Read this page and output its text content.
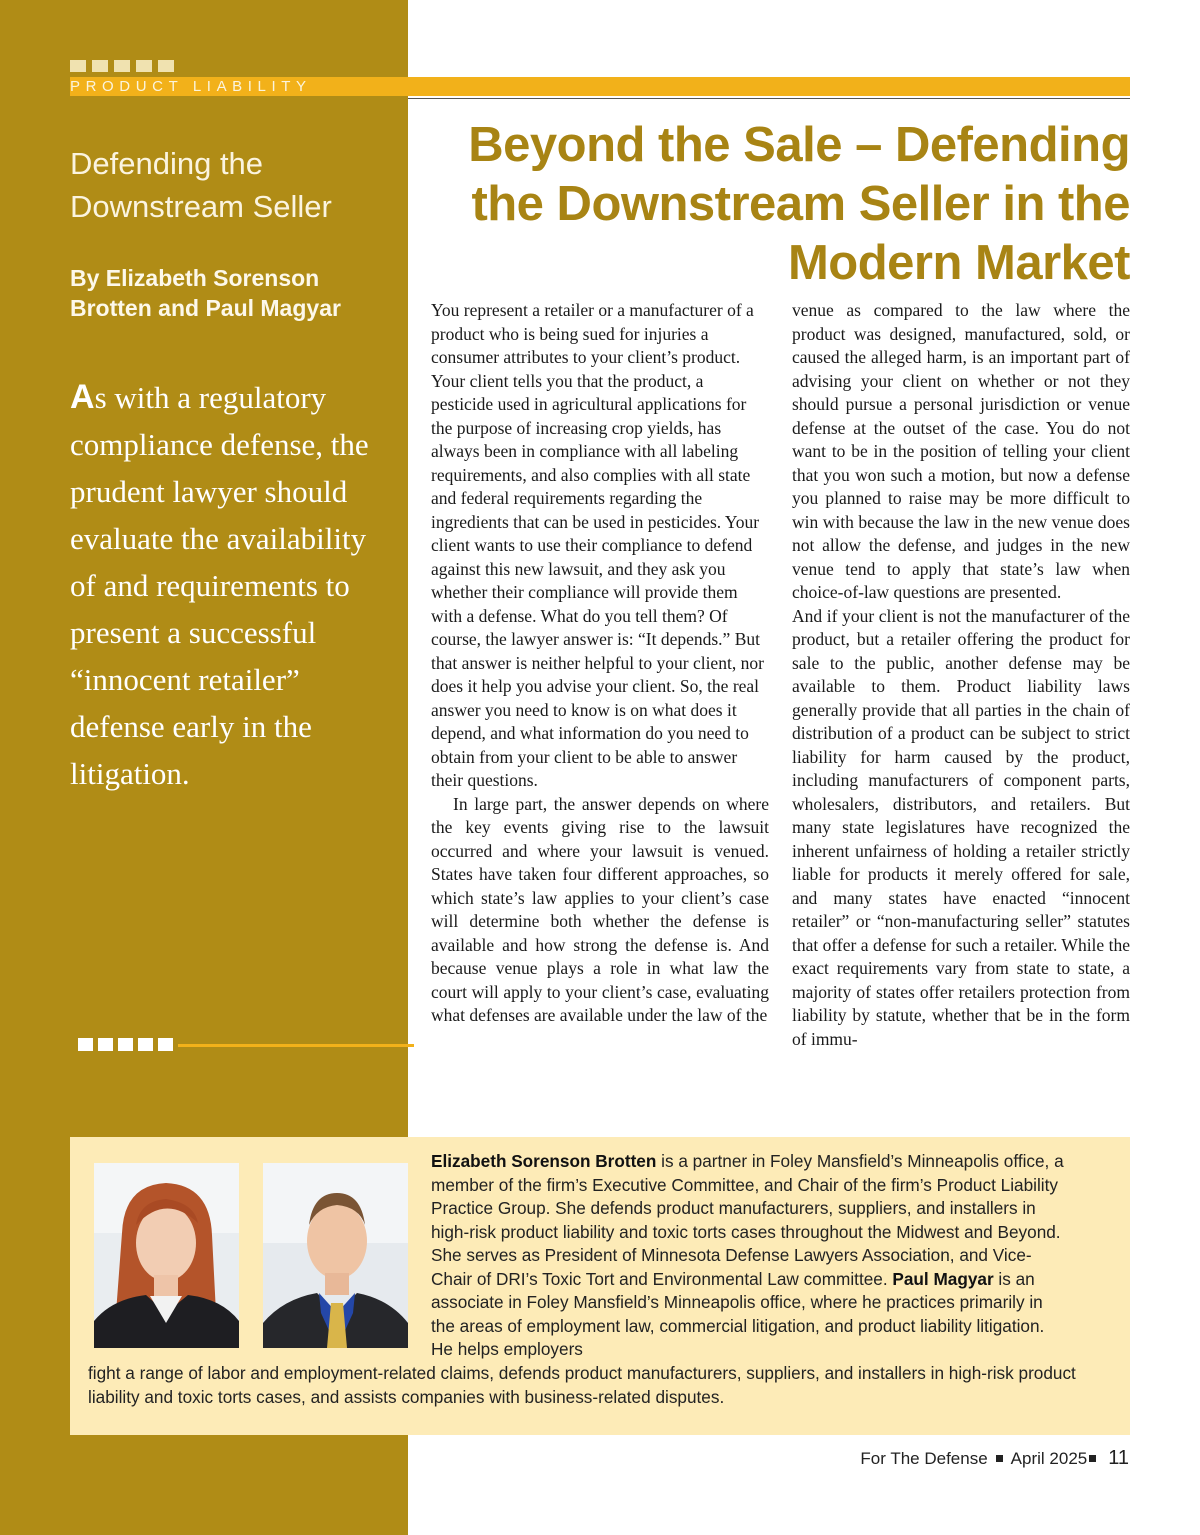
PRODUCT LIABILITY
Defending the Downstream Seller
By Elizabeth Sorenson Brotten and Paul Magyar
As with a regulatory compliance defense, the prudent lawyer should evaluate the availability of and requirements to present a successful “innocent retailer” defense early in the litigation.
Beyond the Sale – Defending the Downstream Seller in the Modern Market

You represent a retailer or a manufacturer of a product who is being sued for injuries a consumer attributes to your client’s product. Your client tells you that the product, a pesticide used in agricultural applications for the purpose of increasing crop yields, has always been in compliance with all labeling requirements, and also complies with all state and federal requirements regarding the ingredients that can be used in pesticides. Your client wants to use their compliance to defend against this new lawsuit, and they ask you whether their compliance will provide them with a defense. What do you tell them? Of course, the lawyer answer is: “It depends.” But that answer is neither helpful to your client, nor does it help you advise your client. So, the real answer you need to know is on what does it depend, and what information do you need to obtain from your client to be able to answer their questions.

In large part, the answer depends on where the key events giving rise to the lawsuit occurred and where your lawsuit is venued. States have taken four different approaches, so which state’s law applies to your client’s case will determine both whether the defense is available and how strong the defense is. And because venue plays a role in what law the court will apply to your client’s case, evaluating what defenses are available under the law of the

venue as compared to the law where the product was designed, manufactured, sold, or caused the alleged harm, is an important part of advising your client on whether or not they should pursue a personal jurisdiction or venue defense at the outset of the case. You do not want to be in the position of telling your client that you won such a motion, but now a defense you planned to raise may be more difficult to win with because the law in the new venue does not allow the defense, and judges in the new venue tend to apply that state’s law when choice-of-law questions are presented.

And if your client is not the manufacturer of the product, but a retailer offering the product for sale to the public, another defense may be available to them. Product liability laws generally provide that all parties in the chain of distribution of a product can be subject to strict liability for harm caused by the product, including manufacturers of component parts, wholesalers, distributors, and retailers. But many state legislatures have recognized the inherent unfairness of holding a retailer strictly liable for products it merely offered for sale, and many states have enacted “innocent retailer” or “non-manufacturing seller” statutes that offer a defense for such a retailer. While the exact requirements vary from state to state, a majority of states offer retailers protection from liability by statute, whether that be in the form of immu-

Elizabeth Sorenson Brotten is a partner in Foley Mansfield’s Minneapolis office, a member of the firm’s Executive Committee, and Chair of the firm’s Product Liability Practice Group. She defends product manufacturers, suppliers, and installers in high-risk product liability and toxic torts cases throughout the Midwest and Beyond. She serves as President of Minnesota Defense Lawyers Association, and Vice-Chair of DRI’s Toxic Tort and Environmental Law committee. Paul Magyar is an associate in Foley Mansfield’s Minneapolis office, where he practices primarily in the areas of employment law, commercial litigation, and product liability litigation. He helps employers
fight a range of labor and employment-related claims, defends product manufacturers, suppliers, and installers in high-risk product liability and toxic torts cases, and assists companies with business-related disputes.
For The Defense April 2025 11
